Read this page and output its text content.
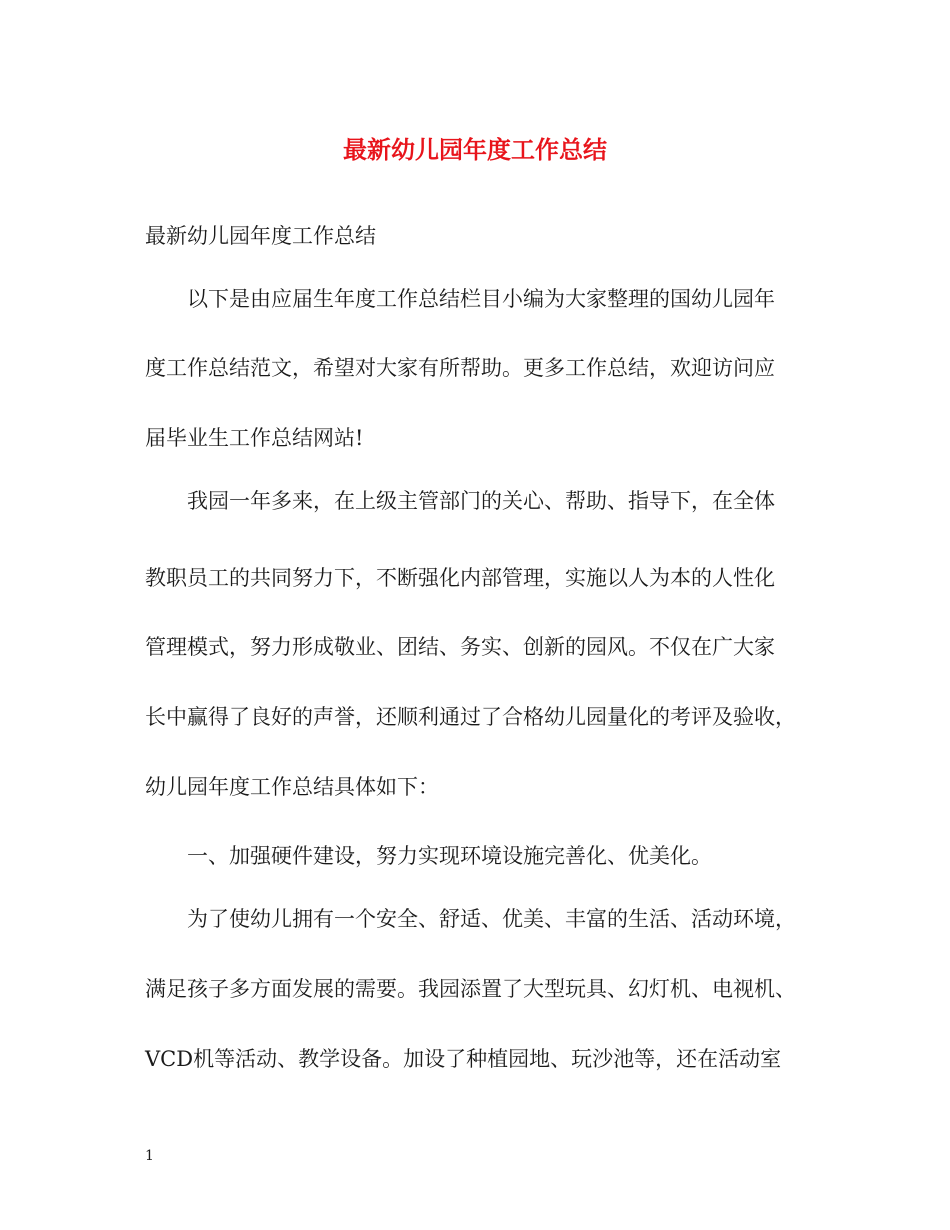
最新幼儿园年度工作总结

最新幼儿园年度工作总结

以下是由应届生年度工作总结栏目小编为大家整理的国幼儿园年

度工作总结范文，希望对大家有所帮助。更多工作总结，欢迎访问应

届毕业生工作总结网站!

我园一年多来，在上级主管部门的关心、帮助、指导下，在全体

教职员工的共同努力下，不断强化内部管理，实施以人为本的人性化

管理模式，努力形成敬业、团结、务实、创新的园风。不仅在广大家

长中赢得了良好的声誉，还顺利通过了合格幼儿园量化的考评及验收，

幼儿园年度工作总结具体如下：

一、加强硬件建设，努力实现环境设施完善化、优美化。

为了使幼儿拥有一个安全、舒适、优美、丰富的生活、活动环境，

满足孩子多方面发展的需要。我园添置了大型玩具、幻灯机、电视机、

VCD机等活动、教学设备。加设了种植园地、玩沙池等，还在活动室

1
